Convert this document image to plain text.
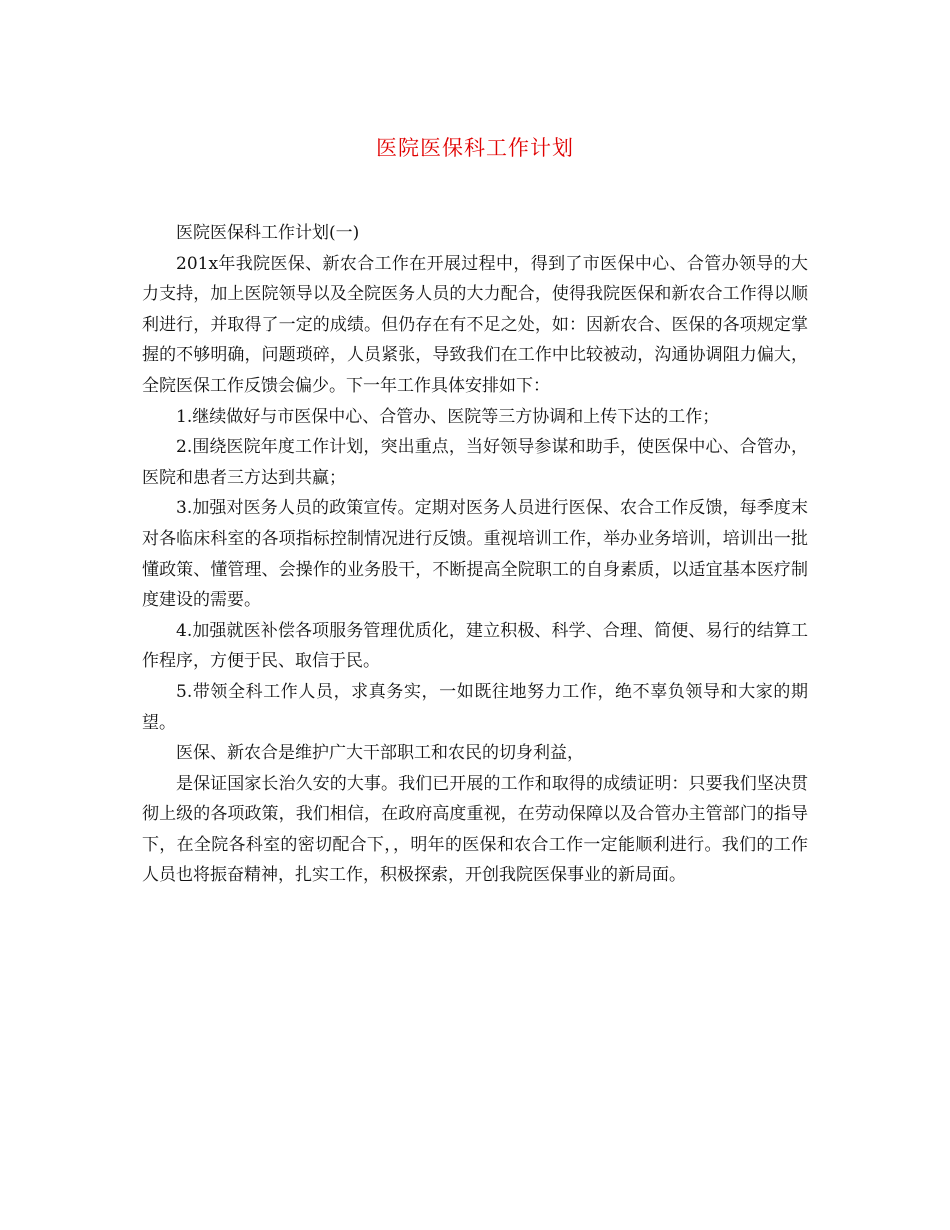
医院医保科工作计划

医院医保科工作计划(一)

201x年我院医保、新农合工作在开展过程中，得到了市医保中心、合管办领导的大力支持，加上医院领导以及全院医务人员的大力配合，使得我院医保和新农合工作得以顺利进行，并取得了一定的成绩。但仍存在有不足之处，如：因新农合、医保的各项规定掌握的不够明确，问题琐碎，人员紧张，导致我们在工作中比较被动，沟通协调阻力偏大，全院医保工作反馈会偏少。下一年工作具体安排如下：

1.继续做好与市医保中心、合管办、医院等三方协调和上传下达的工作；

2.围绕医院年度工作计划，突出重点，当好领导参谋和助手，使医保中心、合管办，医院和患者三方达到共赢；

3.加强对医务人员的政策宣传。定期对医务人员进行医保、农合工作反馈，每季度末对各临床科室的各项指标控制情况进行反馈。重视培训工作，举办业务培训，培训出一批懂政策、懂管理、会操作的业务股干，不断提高全院职工的自身素质，以适宜基本医疗制度建设的需要。

4.加强就医补偿各项服务管理优质化，建立积极、科学、合理、简便、易行的结算工作程序，方便于民、取信于民。

5.带领全科工作人员，求真务实，一如既往地努力工作，绝不辜负领导和大家的期望。

医保、新农合是维护广大干部职工和农民的切身利益，

是保证国家长治久安的大事。我们已开展的工作和取得的成绩证明：只要我们坚决贯彻上级的各项政策，我们相信，在政府高度重视，在劳动保障以及合管办主管部门的指导下，在全院各科室的密切配合下，，明年的医保和农合工作一定能顺利进行。我们的工作人员也将振奋精神，扎实工作，积极探索，开创我院医保事业的新局面。
